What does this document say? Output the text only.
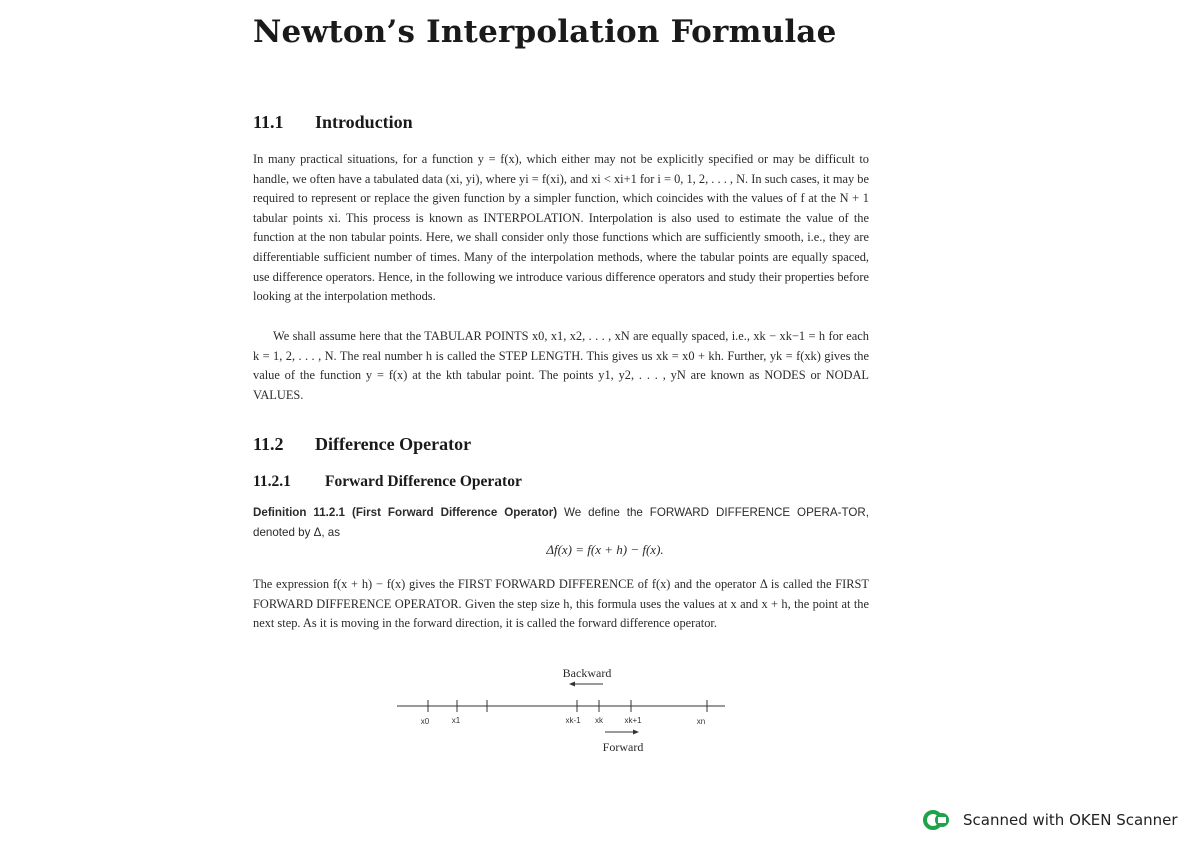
Newton’s Interpolation Formulae
11.1 Introduction

In many practical situations, for a function y = f(x), which either may not be explicitly specified or may be difficult to handle, we often have a tabulated data (xi, yi), where yi = f(xi), and xi < xi+1 for i = 0, 1, 2, . . . , N. In such cases, it may be required to represent or replace the given function by a simpler function, which coincides with the values of f at the N + 1 tabular points xi. This process is known as INTERPOLATION. Interpolation is also used to estimate the value of the function at the non tabular points. Here, we shall consider only those functions which are sufficiently smooth, i.e., they are differentiable sufficient number of times. Many of the interpolation methods, where the tabular points are equally spaced, use difference operators. Hence, in the following we introduce various difference operators and study their properties before looking at the interpolation methods.

We shall assume here that the TABULAR POINTS x0, x1, x2, . . . , xN are equally spaced, i.e., xk − xk−1 = h for each k = 1, 2, . . . , N. The real number h is called the STEP LENGTH. This gives us xk = x0 + kh. Further, yk = f(xk) gives the value of the function y = f(x) at the kth tabular point. The points y1, y2, . . . , yN are known as NODES or NODAL VALUES.

11.2 Difference Operator
11.2.1 Forward Difference Operator

Definition 11.2.1 (First Forward Difference Operator) We define the FORWARD DIFFERENCE OPERA-TOR, denoted by Δ, as

Δf(x) = f(x + h) − f(x).

The expression f(x + h) − f(x) gives the FIRST FORWARD DIFFERENCE of f(x) and the operator Δ is called the FIRST FORWARD DIFFERENCE OPERATOR. Given the step size h, this formula uses the values at x and x + h, the point at the next step. As it is moving in the forward direction, it is called the forward difference operator.

Backward
x0	x1	xk-1 xk	xk+1	xn
Forward
Scanned with OKEN Scanner
